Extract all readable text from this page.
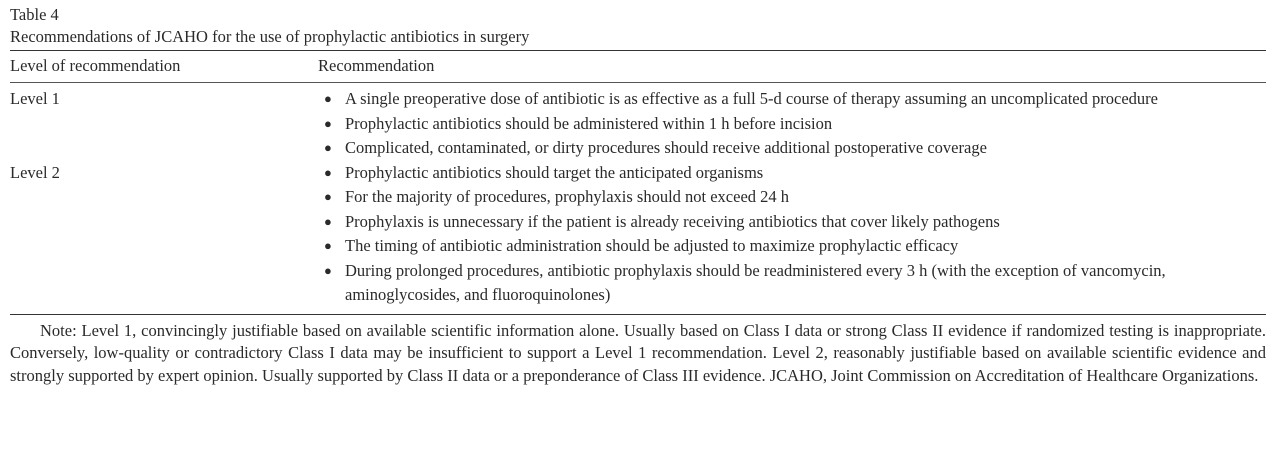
Table 4
Recommendations of JCAHO for the use of prophylactic antibiotics in surgery
Level of recommendation	Recommendation
Level 1	● A single preoperative dose of antibiotic is as effective as a full 5-d course of therapy assuming an uncomplicated procedure
● Prophylactic antibiotics should be administered within 1 h before incision
● Complicated, contaminated, or dirty procedures should receive additional postoperative coverage
Level 2	● Prophylactic antibiotics should target the anticipated organisms
● For the majority of procedures, prophylaxis should not exceed 24 h
● Prophylaxis is unnecessary if the patient is already receiving antibiotics that cover likely pathogens
● The timing of antibiotic administration should be adjusted to maximize prophylactic efficacy
● During prolonged procedures, antibiotic prophylaxis should be readministered every 3 h (with the exception of vancomycin, aminoglycosides, and fluoroquinolones)
Note: Level 1, convincingly justifiable based on available scientific information alone. Usually based on Class I data or strong Class II evidence if randomized testing is inappropriate. Conversely, low-quality or contradictory Class I data may be insufficient to support a Level 1 recommendation. Level 2, reasonably justifiable based on available scientific evidence and strongly supported by expert opinion. Usually supported by Class II data or a preponderance of Class III evidence. JCAHO, Joint Commission on Accreditation of Healthcare Organizations.
